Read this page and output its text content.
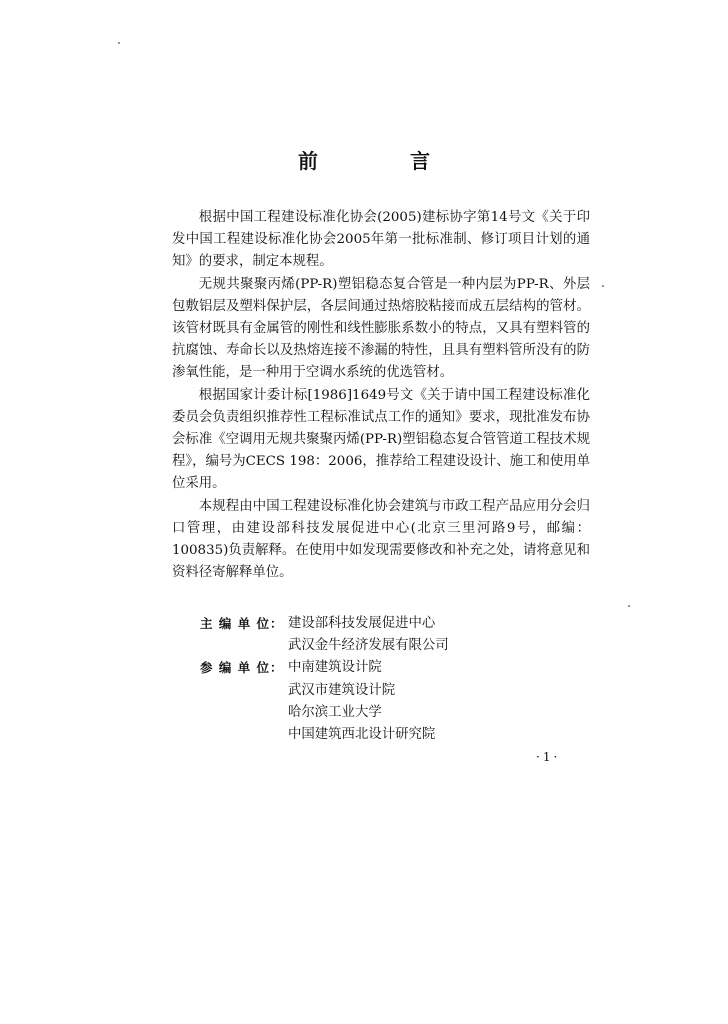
前　言

根据中国工程建设标准化协会(2005)建标协字第14号文《关于印发中国工程建设标准化协会2005年第一批标准制、修订项目计划的通知》的要求，制定本规程。

无规共聚聚丙烯(PP-R)塑铝稳态复合管是一种内层为PP-R、外层包敷铝层及塑料保护层，各层间通过热熔胶粘接而成五层结构的管材。该管材既具有金属管的刚性和线性膨胀系数小的特点，又具有塑料管的抗腐蚀、寿命长以及热熔连接不渗漏的特性，且具有塑料管所没有的防渗氧性能，是一种用于空调水系统的优选管材。

根据国家计委计标[1986]1649号文《关于请中国工程建设标准化委员会负责组织推荐性工程标准试点工作的通知》要求，现批准发布协会标准《空调用无规共聚聚丙烯(PP-R)塑铝稳态复合管管道工程技术规程》，编号为CECS 198：2006，推荐给工程建设设计、施工和使用单位采用。

本规程由中国工程建设标准化协会建筑与市政工程产品应用分会归口管理，由建设部科技发展促进中心(北京三里河路9号，邮编：100835)负责解释。在使用中如发现需要修改和补充之处，请将意见和资料径寄解释单位。

主 编 单 位： 建设部科技发展促进中心
武汉金牛经济发展有限公司
参 编 单 位： 中南建筑设计院
武汉市建筑设计院
哈尔滨工业大学
中国建筑西北设计研究院
·1·
